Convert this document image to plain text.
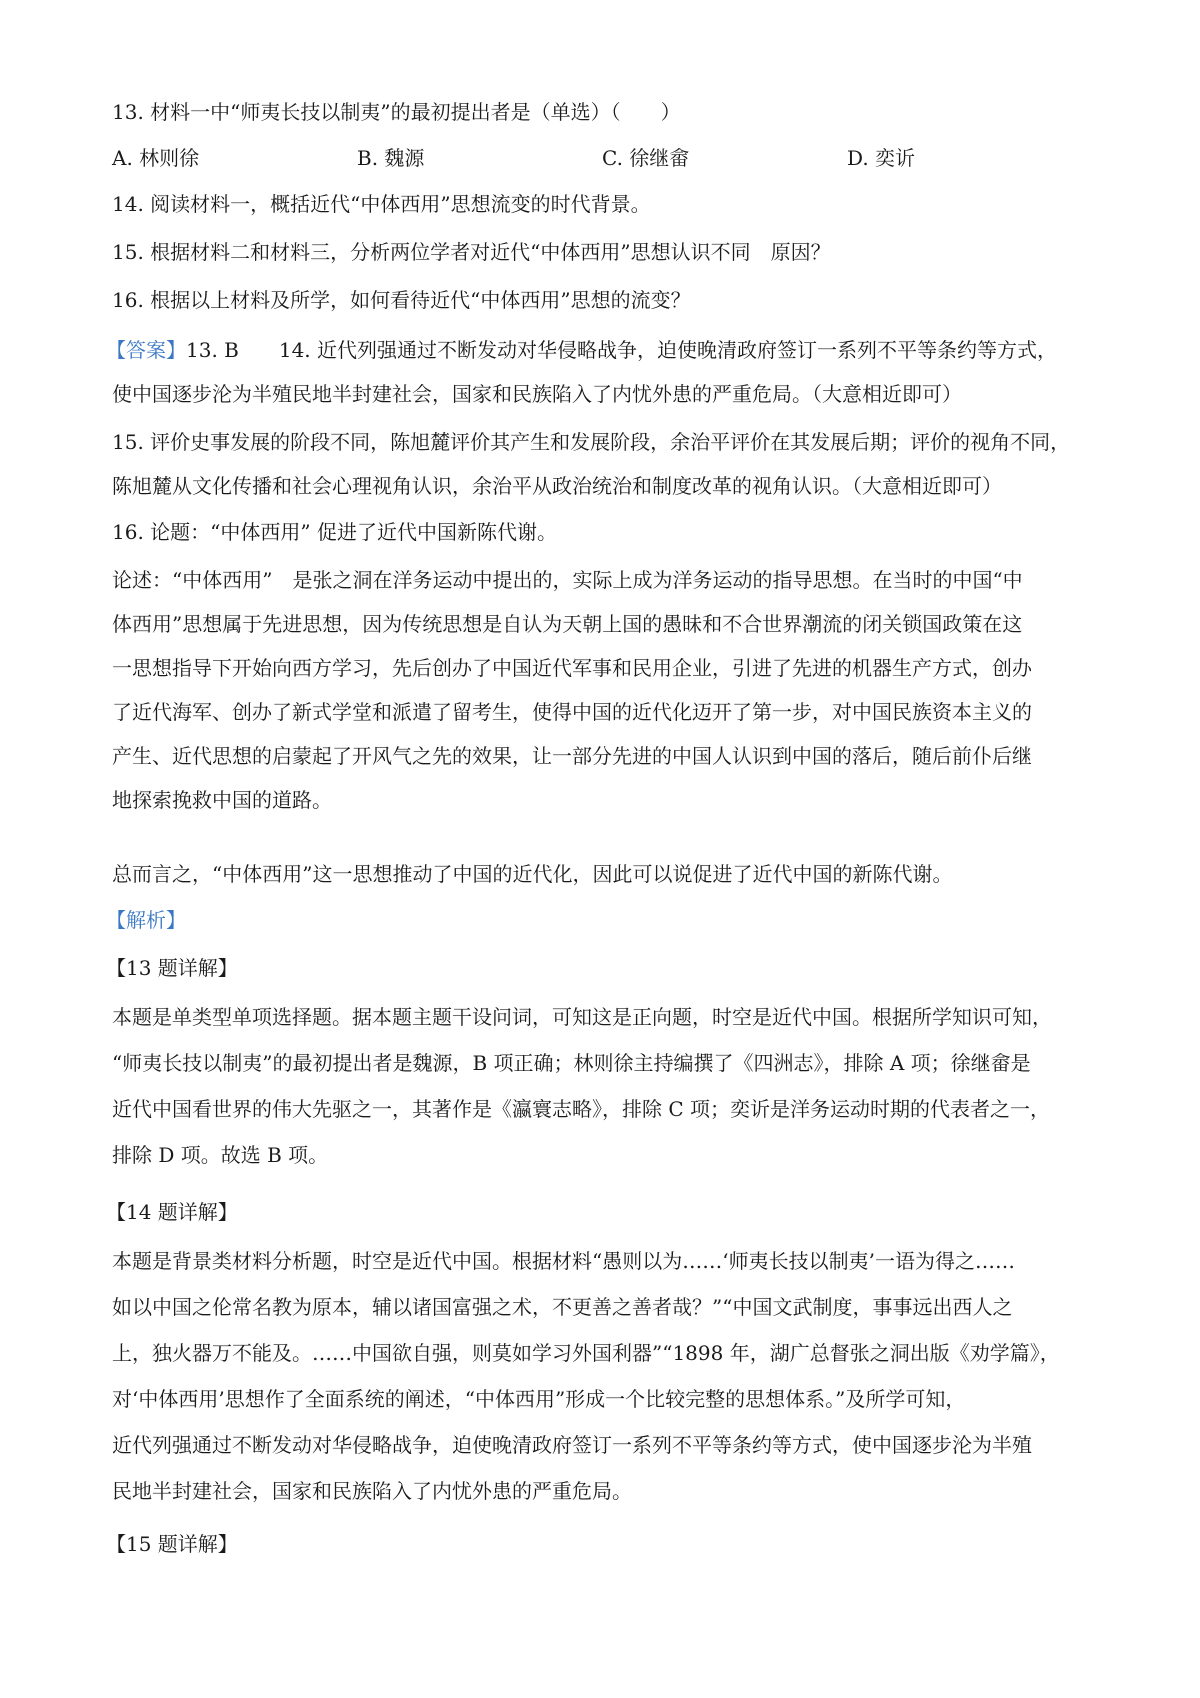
13. 材料一中“师夷长技以制夷”的最初提出者是（单选）（　　）
A. 林则徐	B. 魏源	C. 徐继畲	D. 奕䜣
14. 阅读材料一，概括近代“中体西用”思想流变的时代背景。
15. 根据材料二和材料三，分析两位学者对近代“中体西用”思想认识不同　原因？
16. 根据以上材料及所学，如何看待近代“中体西用”思想的流变？
【答案】13. B　　14. 近代列强通过不断发动对华侵略战争，迫使晚清政府签订一系列不平等条约等方式，
使中国逐步沦为半殖民地半封建社会，国家和民族陷入了内忧外患的严重危局。（大意相近即可）
15. 评价史事发展的阶段不同，陈旭麓评价其产生和发展阶段，余治平评价在其发展后期；评价的视角不同，
陈旭麓从文化传播和社会心理视角认识，余治平从政治统治和制度改革的视角认识。（大意相近即可）
16. 论题：“中体西用” 促进了近代中国新陈代谢。
论述：“中体西用”　是张之洞在洋务运动中提出的，实际上成为洋务运动的指导思想。在当时的中国“中
体西用”思想属于先进思想，因为传统思想是自认为天朝上国的愚昧和不合世界潮流的闭关锁国政策在这
一思想指导下开始向西方学习，先后创办了中国近代军事和民用企业，引进了先进的机器生产方式，创办
了近代海军、创办了新式学堂和派遣了留考生，使得中国的近代化迈开了第一步，对中国民族资本主义的
产生、近代思想的启蒙起了开风气之先的效果，让一部分先进的中国人认识到中国的落后，随后前仆后继
地探索挽救中国的道路。
总而言之，“中体西用”这一思想推动了中国的近代化，因此可以说促进了近代中国的新陈代谢。
【解析】
【13 题详解】
本题是单类型单项选择题。据本题主题干设问词，可知这是正向题，时空是近代中国。根据所学知识可知，
“师夷长技以制夷”的最初提出者是魏源，B 项正确；林则徐主持编撰了《四洲志》，排除 A 项；徐继畲是
近代中国看世界的伟大先驱之一，其著作是《瀛寰志略》，排除 C 项；奕䜣是洋务运动时期的代表者之一，
排除 D 项。故选 B 项。
【14 题详解】
本题是背景类材料分析题，时空是近代中国。根据材料“愚则以为……‘师夷长技以制夷’一语为得之……
如以中国之伦常名教为原本，辅以诸国富强之术，不更善之善者哉？”“中国文武制度，事事远出西人之
上，独火器万不能及。……中国欲自强，则莫如学习外国利器”“1898 年，湖广总督张之洞出版《劝学篇》，
对‘中体西用’思想作了全面系统的阐述，“中体西用”形成一个比较完整的思想体系。”及所学可知，
近代列强通过不断发动对华侵略战争，迫使晚清政府签订一系列不平等条约等方式，使中国逐步沦为半殖
民地半封建社会，国家和民族陷入了内忧外患的严重危局。
【15 题详解】
